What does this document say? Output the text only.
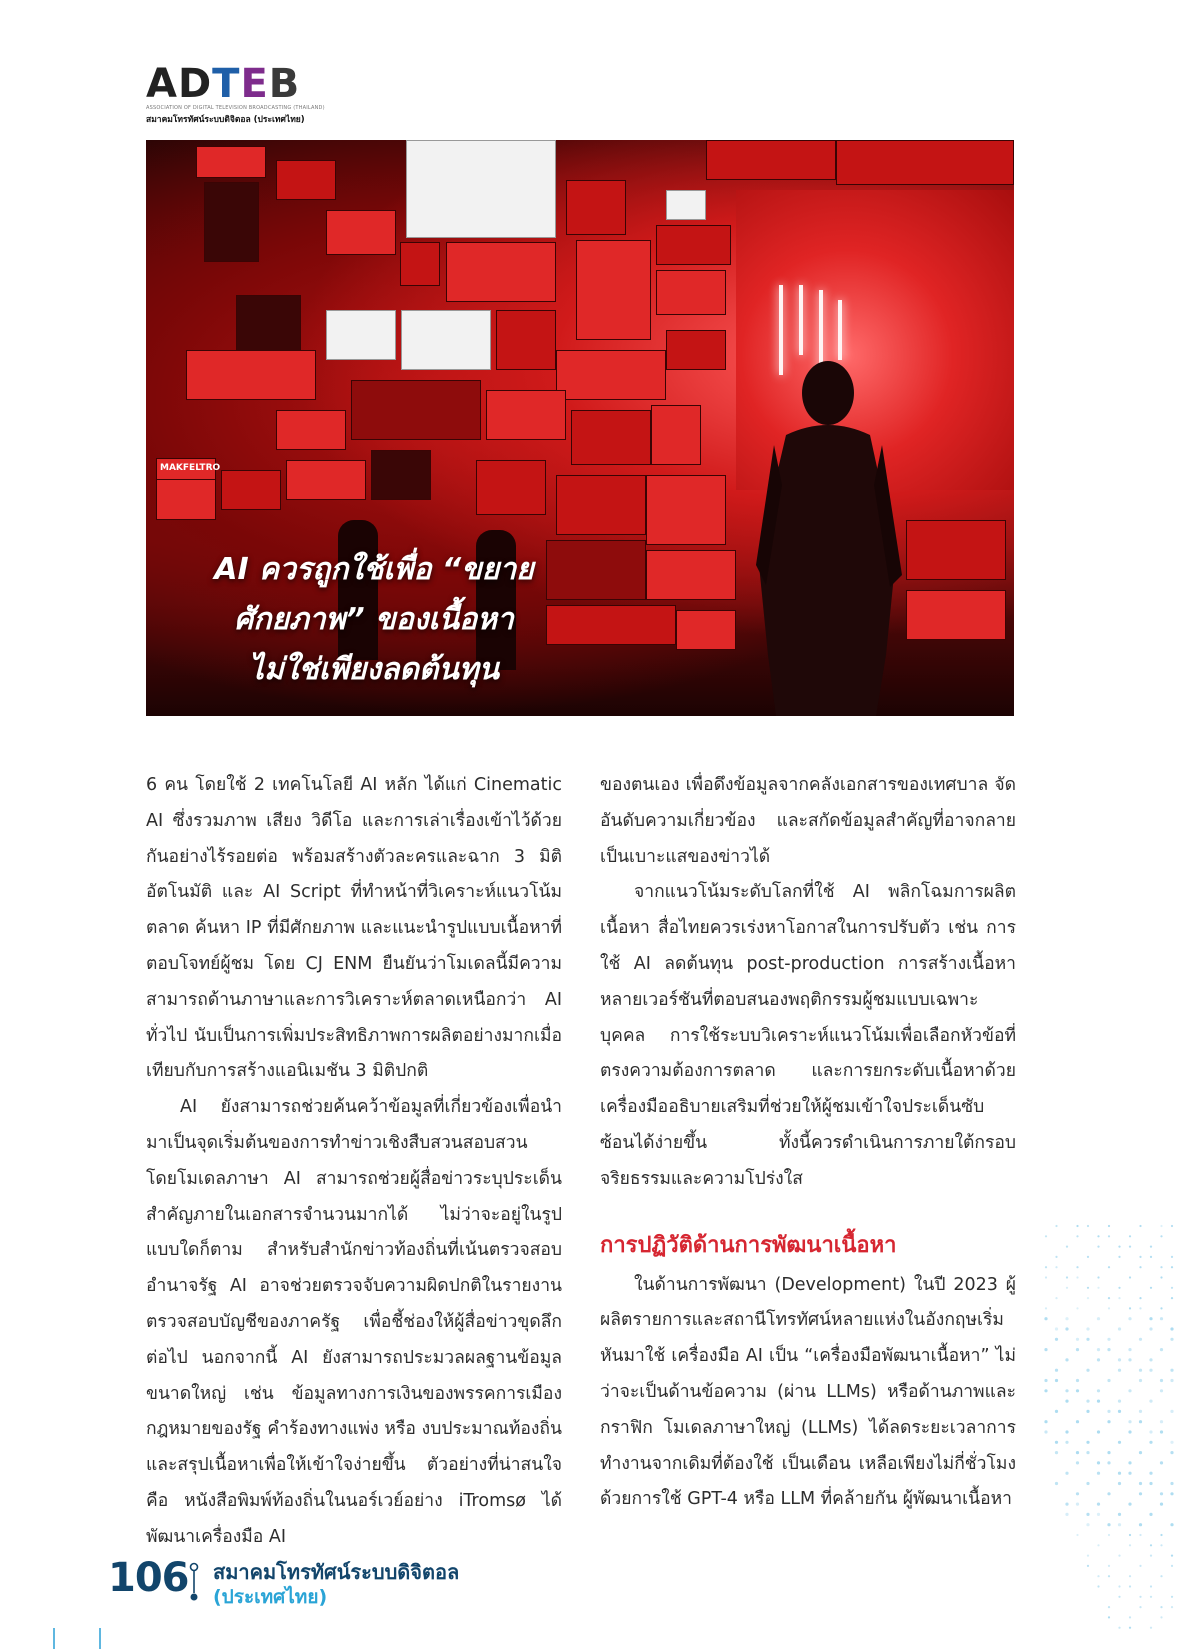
A D T E B
ASSOCIATION OF DIGITAL TELEVISION BROADCASTING (THAILAND)
สมาคมโทรทัศน์ระบบดิจิตอล (ประเทศไทย)
MAKFELTRO
AI ควรถูกใช้เพื่อ “ขยาย
ศักยภาพ” ของเนื้อหา
ไม่ใช่เพียงลดต้นทุน

6 คน โดยใช้ 2 เทคโนโลยี AI หลัก ได้แก่ Cinematic AI ซึ่งรวมภาพ เสียง วิดีโอ และการเล่าเรื่องเข้าไว้ด้วยกันอย่างไร้รอยต่อ พร้อมสร้างตัวละครและฉาก 3 มิติอัตโนมัติ และ AI Script ที่ทำหน้าที่วิเคราะห์แนวโน้มตลาด ค้นหา IP ที่มีศักยภาพ และแนะนำรูปแบบเนื้อหาที่ตอบโจทย์ผู้ชม โดย CJ ENM ยืนยันว่าโมเดลนี้มีความสามารถด้านภาษาและการวิเคราะห์ตลาดเหนือกว่า AI ทั่วไป นับเป็นการเพิ่มประสิทธิภาพการผลิตอย่างมากเมื่อเทียบกับการสร้างแอนิเมชัน 3 มิติปกติ

AI ยังสามารถช่วยค้นคว้าข้อมูลที่เกี่ยวข้องเพื่อนำมาเป็นจุดเริ่มต้นของการทำข่าวเชิงสืบสวนสอบสวน โดยโมเดลภาษา AI สามารถช่วยผู้สื่อข่าวระบุประเด็นสำคัญภายในเอกสารจำนวนมากได้ ไม่ว่าจะอยู่ในรูปแบบใดก็ตาม สำหรับสำนักข่าวท้องถิ่นที่เน้นตรวจสอบอำนาจรัฐ AI อาจช่วยตรวจจับความผิดปกติในรายงานตรวจสอบบัญชีของภาครัฐ เพื่อชี้ช่องให้ผู้สื่อข่าวขุดลึกต่อไป นอกจากนี้ AI ยังสามารถประมวลผลฐานข้อมูลขนาดใหญ่ เช่น ข้อมูลทางการเงินของพรรคการเมือง กฎหมายของรัฐ คำร้องทางแพ่ง หรือ งบประมาณท้องถิ่น และสรุปเนื้อหาเพื่อให้เข้าใจง่ายขึ้น ตัวอย่างที่น่าสนใจคือ หนังสือพิมพ์ท้องถิ่นในนอร์เวย์อย่าง iTromsø ได้พัฒนาเครื่องมือ AI

ของตนเอง เพื่อดึงข้อมูลจากคลังเอกสารของเทศบาล จัดอันดับความเกี่ยวข้อง และสกัดข้อมูลสำคัญที่อาจกลายเป็นเบาะแสของข่าวได้

จากแนวโน้มระดับโลกที่ใช้ AI พลิกโฉมการผลิตเนื้อหา สื่อไทยควรเร่งหาโอกาสในการปรับตัว เช่น การใช้ AI ลดต้นทุน post-production การสร้างเนื้อหาหลายเวอร์ชันที่ตอบสนองพฤติกรรมผู้ชมแบบเฉพาะบุคคล การใช้ระบบวิเคราะห์แนวโน้มเพื่อเลือกหัวข้อที่ตรงความต้องการตลาด และการยกระดับเนื้อหาด้วยเครื่องมืออธิบายเสริมที่ช่วยให้ผู้ชมเข้าใจประเด็นซับซ้อนได้ง่ายขึ้น ทั้งนี้ควรดำเนินการภายใต้กรอบจริยธรรมและความโปร่งใส

การปฏิวัติด้านการพัฒนาเนื้อหา

ในด้านการพัฒนา (Development) ในปี 2023 ผู้ผลิตรายการและสถานีโทรทัศน์หลายแห่งในอังกฤษเริ่มหันมาใช้ เครื่องมือ AI เป็น “เครื่องมือพัฒนาเนื้อหา” ไม่ว่าจะเป็นด้านข้อความ (ผ่าน LLMs) หรือด้านภาพและกราฟิก โมเดลภาษาใหญ่ (LLMs) ได้ลดระยะเวลาการทำงานจากเดิมที่ต้องใช้ เป็นเดือน เหลือเพียงไม่กี่ชั่วโมง ด้วยการใช้ GPT-4 หรือ LLM ที่คล้ายกัน ผู้พัฒนาเนื้อหา

106 สมาคมโทรทัศน์ระบบดิจิตอล
(ประเทศไทย)
